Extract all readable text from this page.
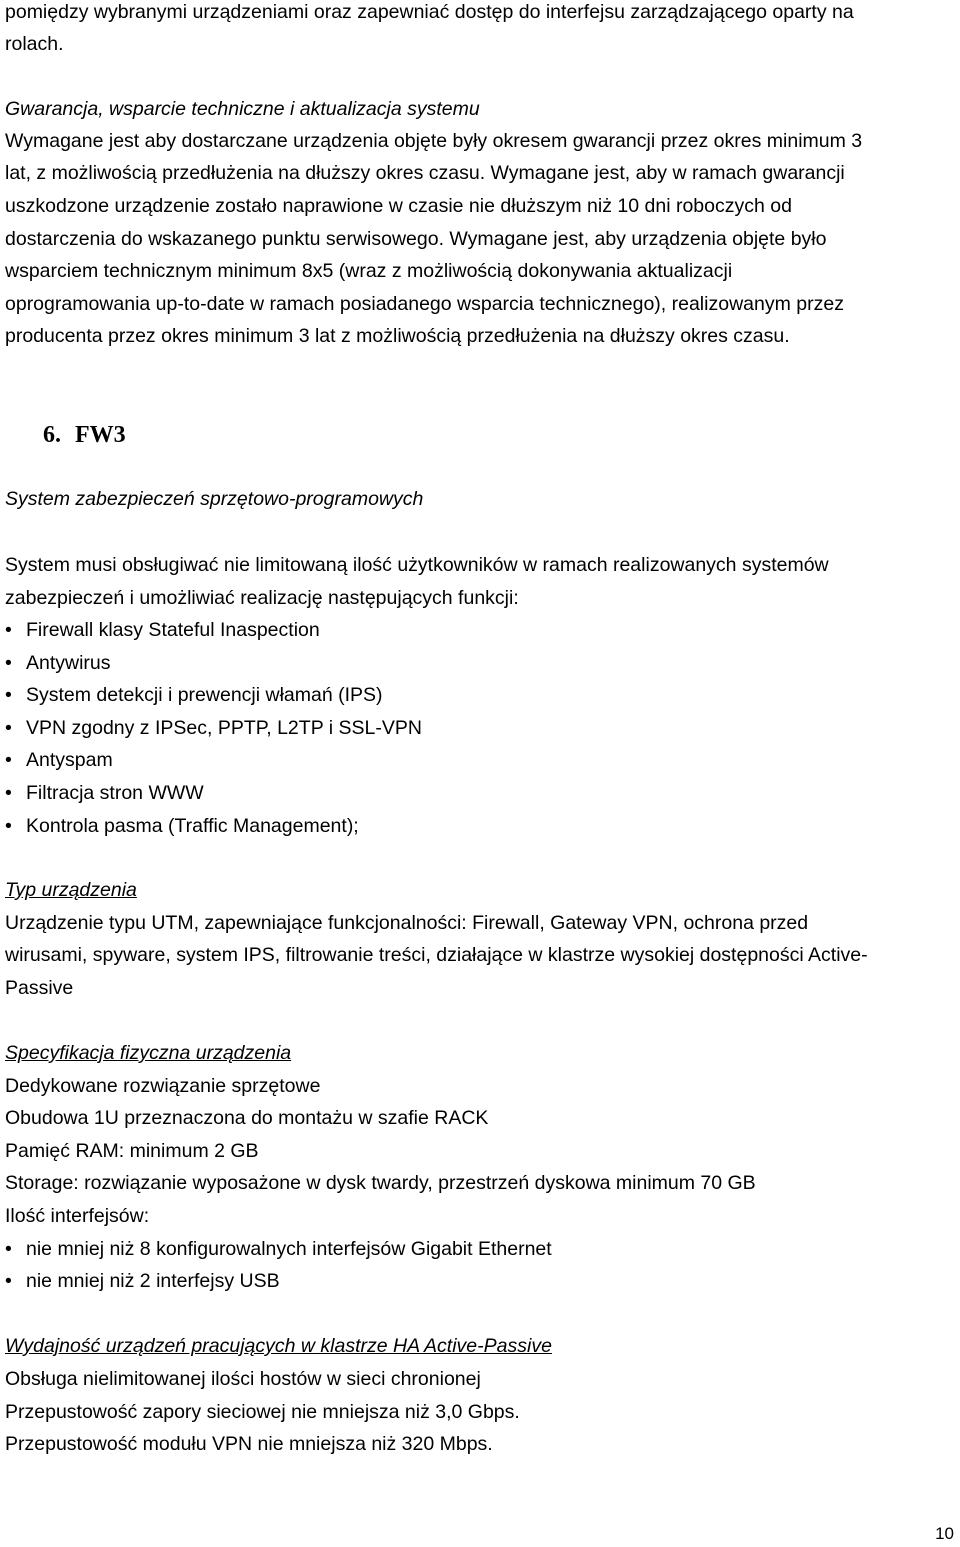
pomiędzy wybranymi urządzeniami oraz zapewniać dostęp do interfejsu zarządzającego oparty na
rolach.
Gwarancja, wsparcie techniczne i aktualizacja systemu
Wymagane jest aby dostarczane urządzenia objęte były okresem gwarancji przez okres minimum 3
lat, z możliwością przedłużenia na dłuższy okres czasu. Wymagane jest, aby w ramach gwarancji
uszkodzone urządzenie zostało naprawione w czasie nie dłuższym niż 10 dni roboczych od
dostarczenia do wskazanego punktu serwisowego. Wymagane jest, aby urządzenia objęte było
wsparciem technicznym minimum 8x5 (wraz z możliwością dokonywania aktualizacji
oprogramowania up-to-date w ramach posiadanego wsparcia technicznego), realizowanym przez
producenta przez okres minimum 3 lat z możliwością przedłużenia na dłuższy okres czasu.
6. FW3
System zabezpieczeń sprzętowo-programowych
System musi obsługiwać nie limitowaną ilość użytkowników w ramach realizowanych systemów
zabezpieczeń i umożliwiać realizację następujących funkcji:
• Firewall klasy Stateful Inaspection
• Antywirus
• System detekcji i prewencji włamań (IPS)
• VPN zgodny z IPSec, PPTP, L2TP i SSL-VPN
• Antyspam
• Filtracja stron WWW
• Kontrola pasma (Traffic Management);
Typ urządzenia
Urządzenie typu UTM, zapewniające funkcjonalności: Firewall, Gateway VPN, ochrona przed
wirusami, spyware, system IPS, filtrowanie treści, działające w klastrze wysokiej dostępności Active-
Passive
Specyfikacja fizyczna urządzenia
Dedykowane rozwiązanie sprzętowe
Obudowa 1U przeznaczona do montażu w szafie RACK
Pamięć RAM: minimum 2 GB
Storage: rozwiązanie wyposażone w dysk twardy, przestrzeń dyskowa minimum 70 GB
Ilość interfejsów:
• nie mniej niż 8 konfigurowalnych interfejsów Gigabit Ethernet
• nie mniej niż 2 interfejsy USB
Wydajność urządzeń pracujących w klastrze HA Active-Passive
Obsługa nielimitowanej ilości hostów w sieci chronionej
Przepustowość zapory sieciowej nie mniejsza niż 3,0 Gbps.
Przepustowość modułu VPN nie mniejsza niż 320 Mbps.
10
